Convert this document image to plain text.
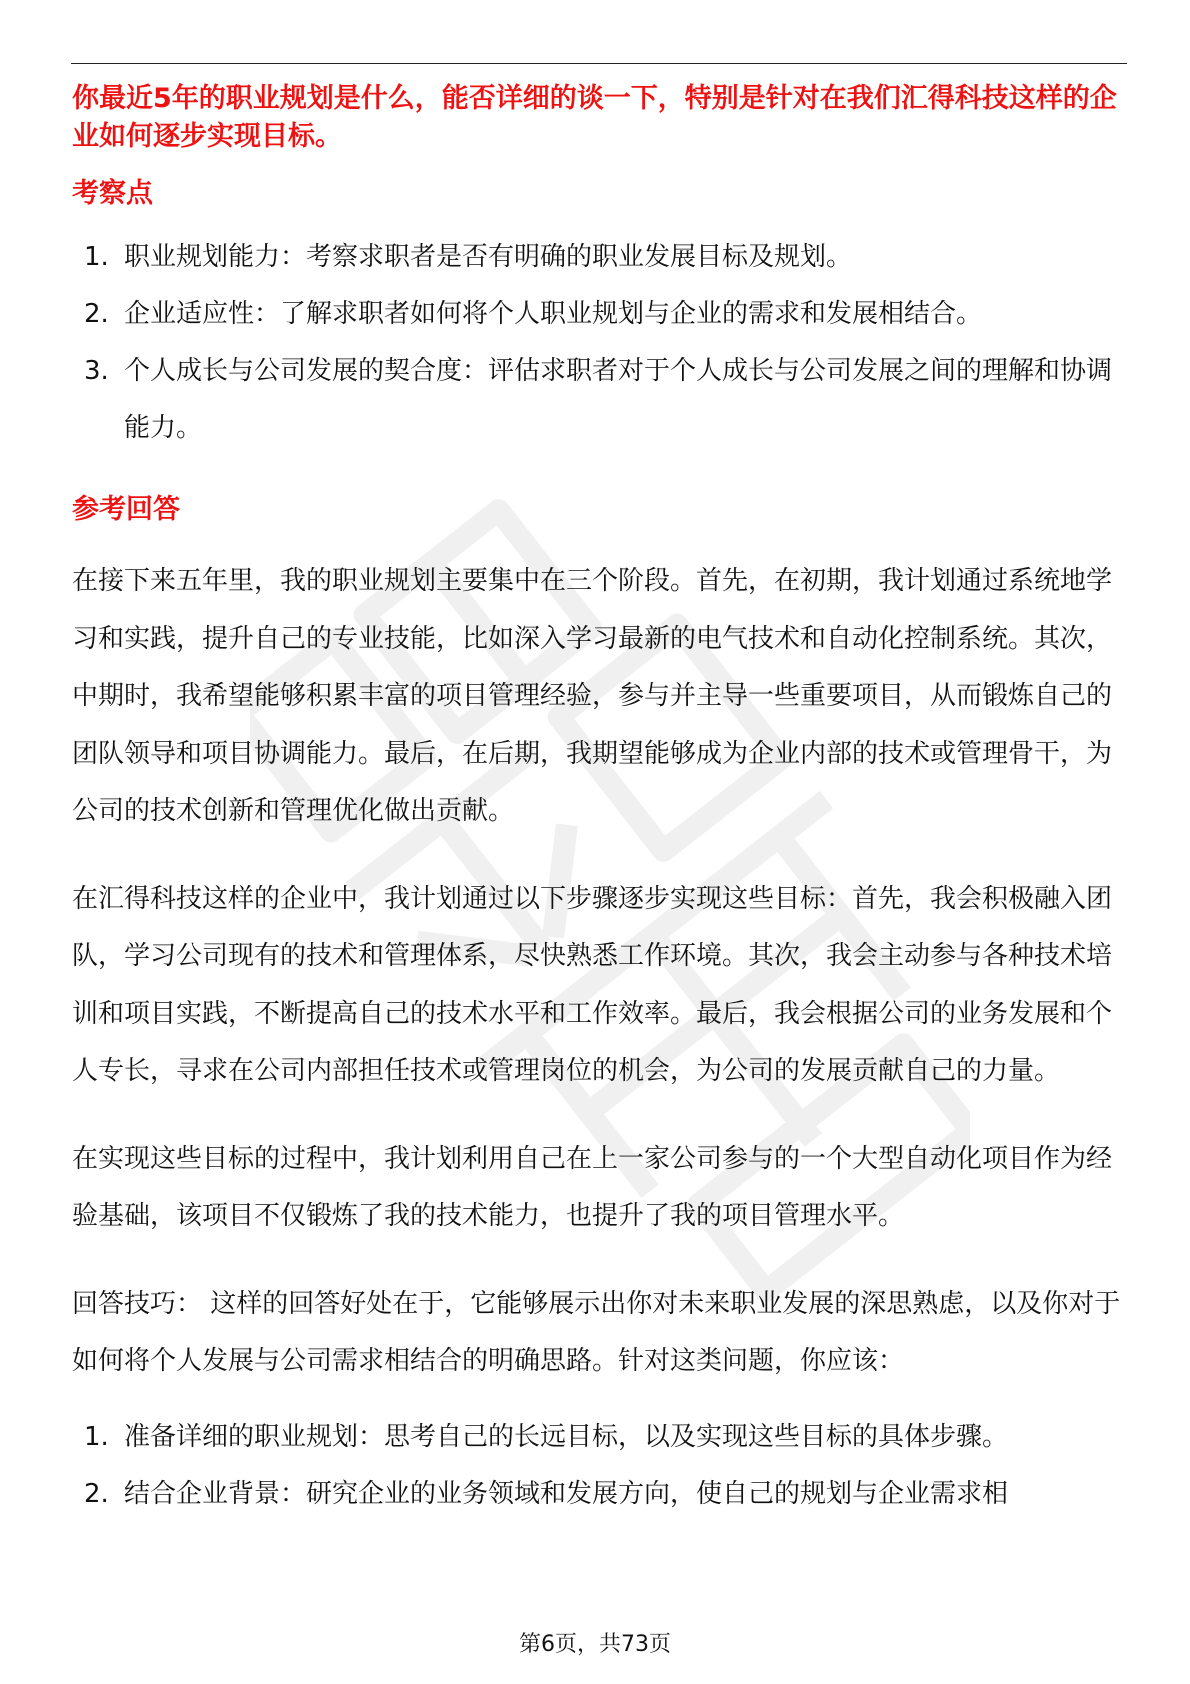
你最近5年的职业规划是什么，能否详细的谈一下，特别是针对在我们汇得科技这样的企业如何逐步实现目标。

考察点
1. 职业规划能力：考察求职者是否有明确的职业发展目标及规划。
2. 企业适应性：了解求职者如何将个人职业规划与企业的需求和发展相结合。
3. 个人成长与公司发展的契合度：评估求职者对于个人成长与公司发展之间的理解和协调能力。
参考回答

在接下来五年里，我的职业规划主要集中在三个阶段。首先，在初期，我计划通过系统地学习和实践，提升自己的专业技能，比如深入学习最新的电气技术和自动化控制系统。其次，中期时，我希望能够积累丰富的项目管理经验，参与并主导一些重要项目，从而锻炼自己的团队领导和项目协调能力。最后，在后期，我期望能够成为企业内部的技术或管理骨干，为公司的技术创新和管理优化做出贡献。

在汇得科技这样的企业中，我计划通过以下步骤逐步实现这些目标：首先，我会积极融入团队，学习公司现有的技术和管理体系，尽快熟悉工作环境。其次，我会主动参与各种技术培训和项目实践，不断提高自己的技术水平和工作效率。最后，我会根据公司的业务发展和个人专长，寻求在公司内部担任技术或管理岗位的机会，为公司的发展贡献自己的力量。

在实现这些目标的过程中，我计划利用自己在上一家公司参与的一个大型自动化项目作为经验基础，该项目不仅锻炼了我的技术能力，也提升了我的项目管理水平。

回答技巧： 这样的回答好处在于，它能够展示出你对未来职业发展的深思熟虑，以及你对于如何将个人发展与公司需求相结合的明确思路。针对这类问题，你应该：

1. 准备详细的职业规划：思考自己的长远目标，以及实现这些目标的具体步骤。
2. 结合企业背景：研究企业的业务领域和发展方向，使自己的规划与企业需求相
第6页，共73页
